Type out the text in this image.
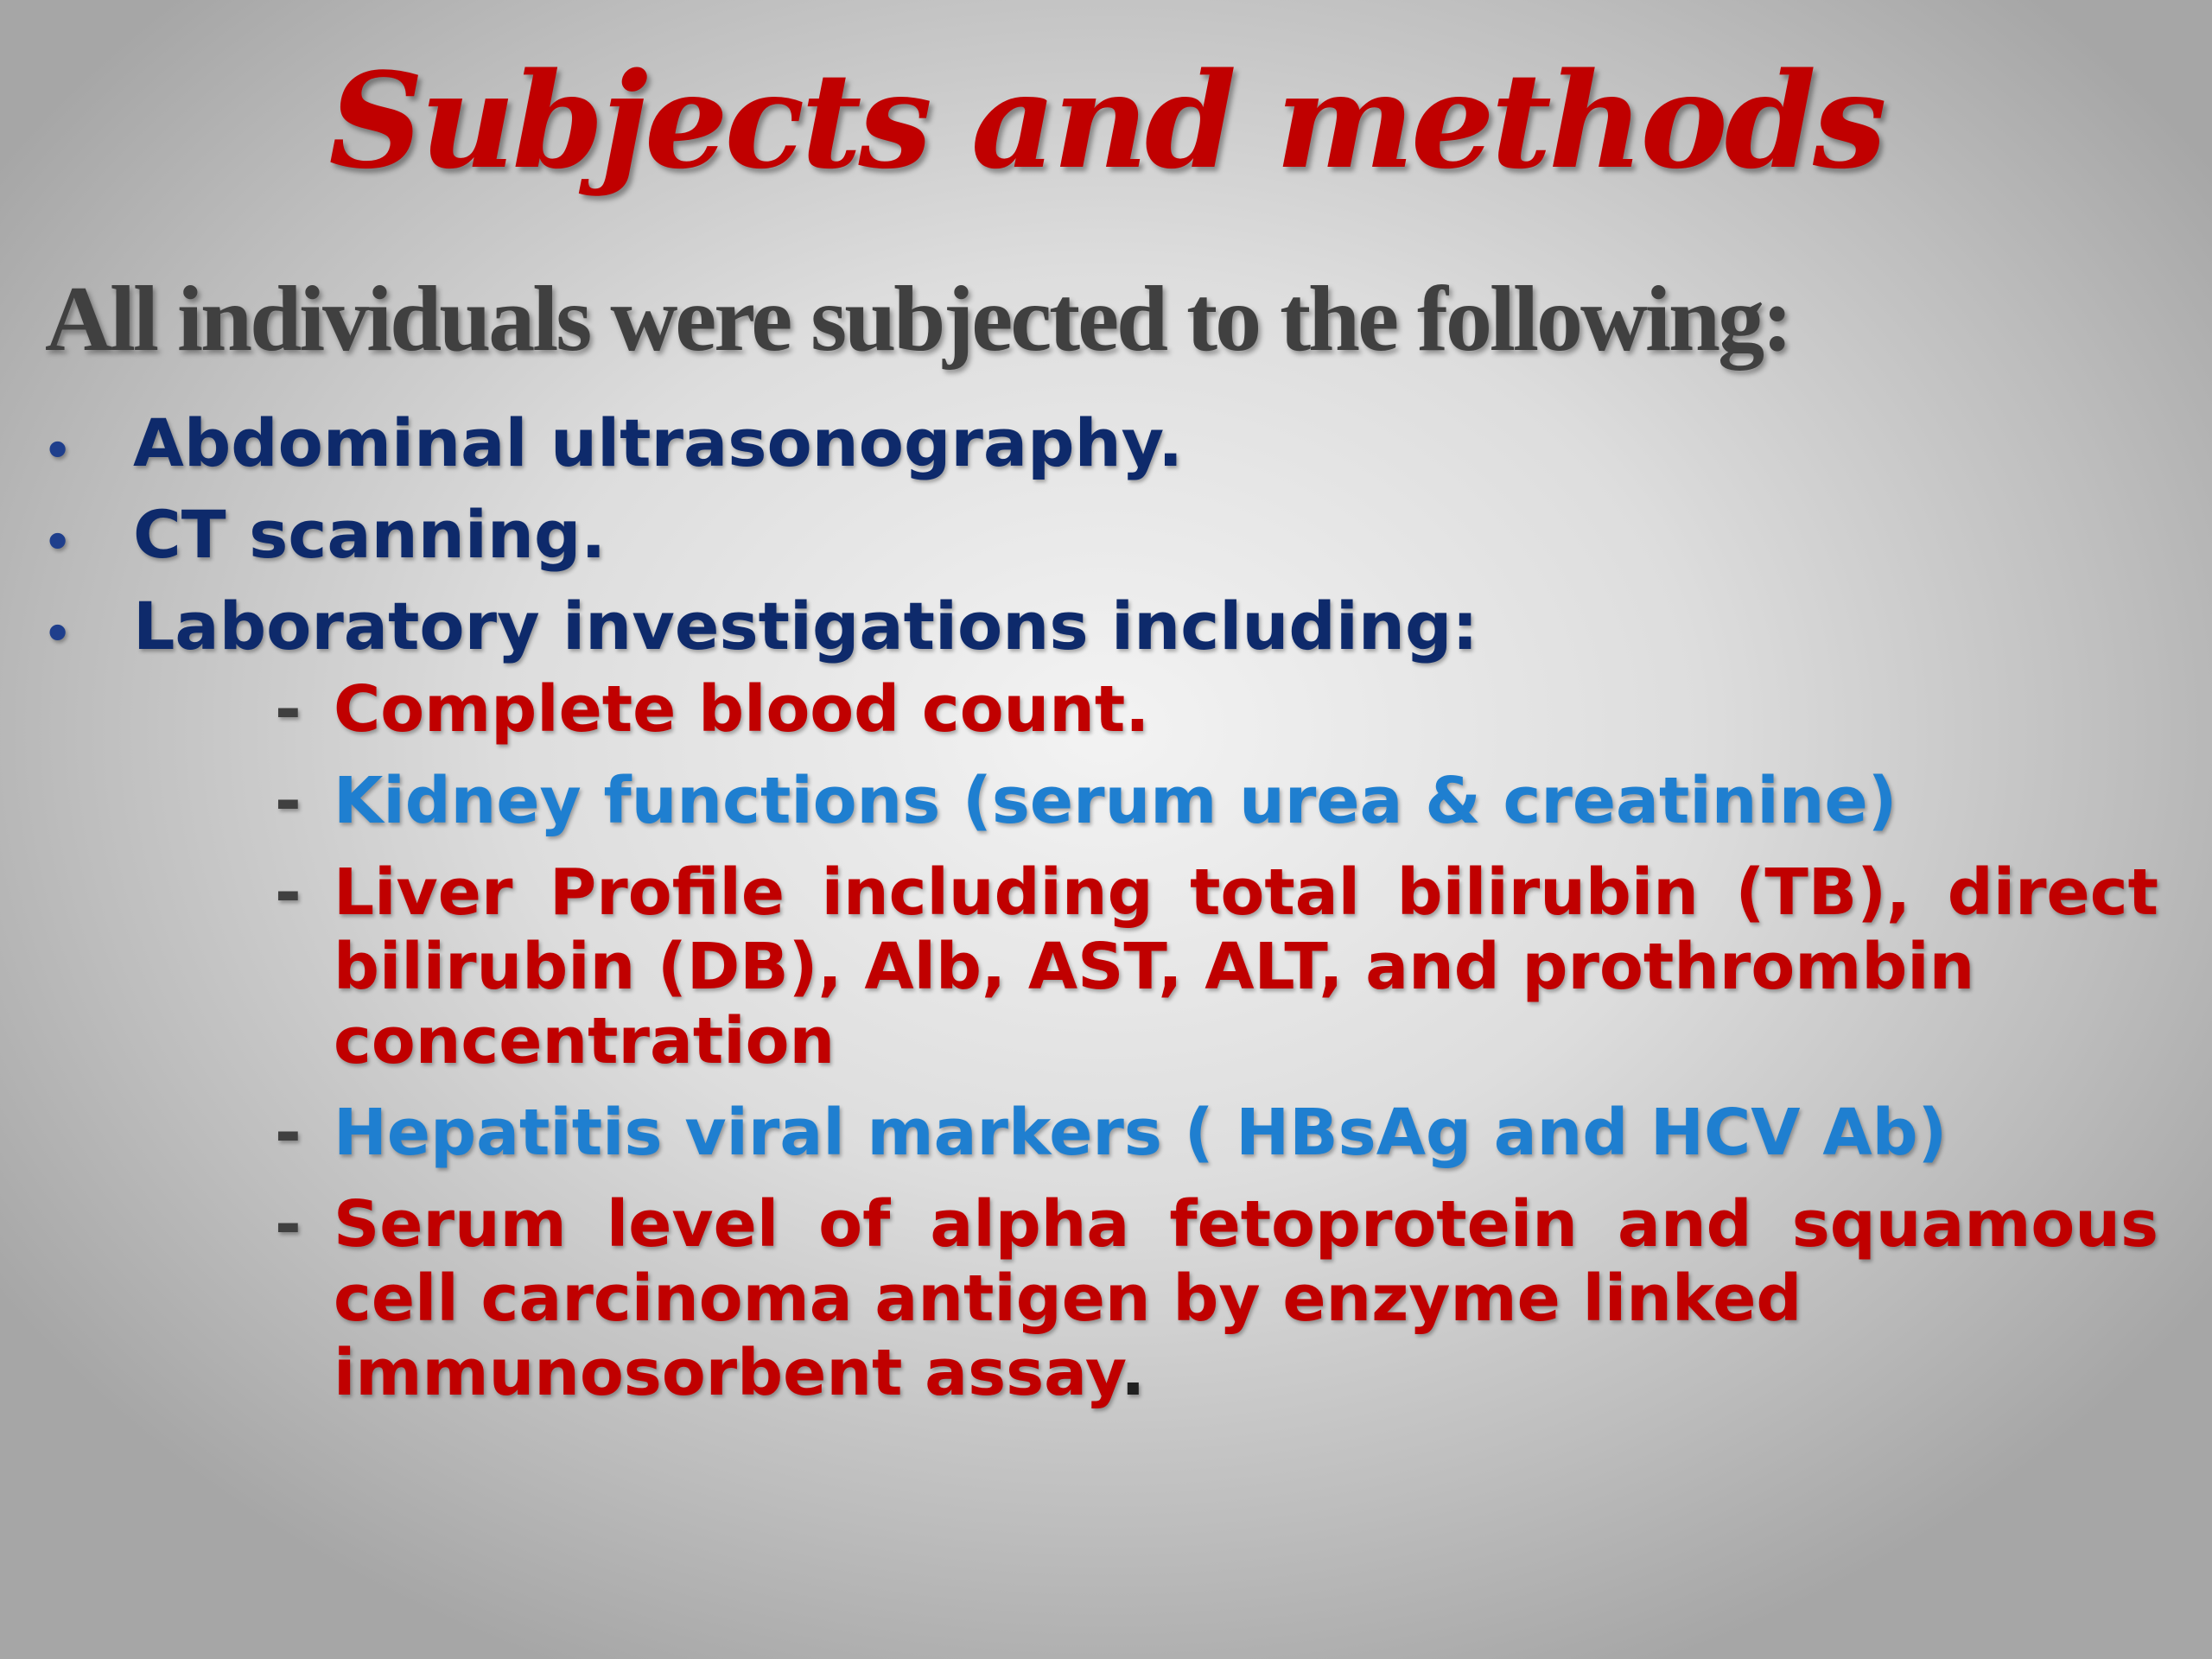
Subjects and methods
All individuals were subjected to the following:
• Abdominal ultrasonography.
• CT scanning.
• Laboratory investigations including:
- Complete blood count.
- Kidney functions (serum urea & creatinine)
- Liver Profile including total bilirubin (TB), direct
bilirubin (DB), Alb, AST, ALT, and prothrombin
concentration
- Hepatitis viral markers ( HBsAg and HCV Ab)
- Serum level of alpha fetoprotein and squamous
cell carcinoma antigen by enzyme linked
immunosorbent assay.
